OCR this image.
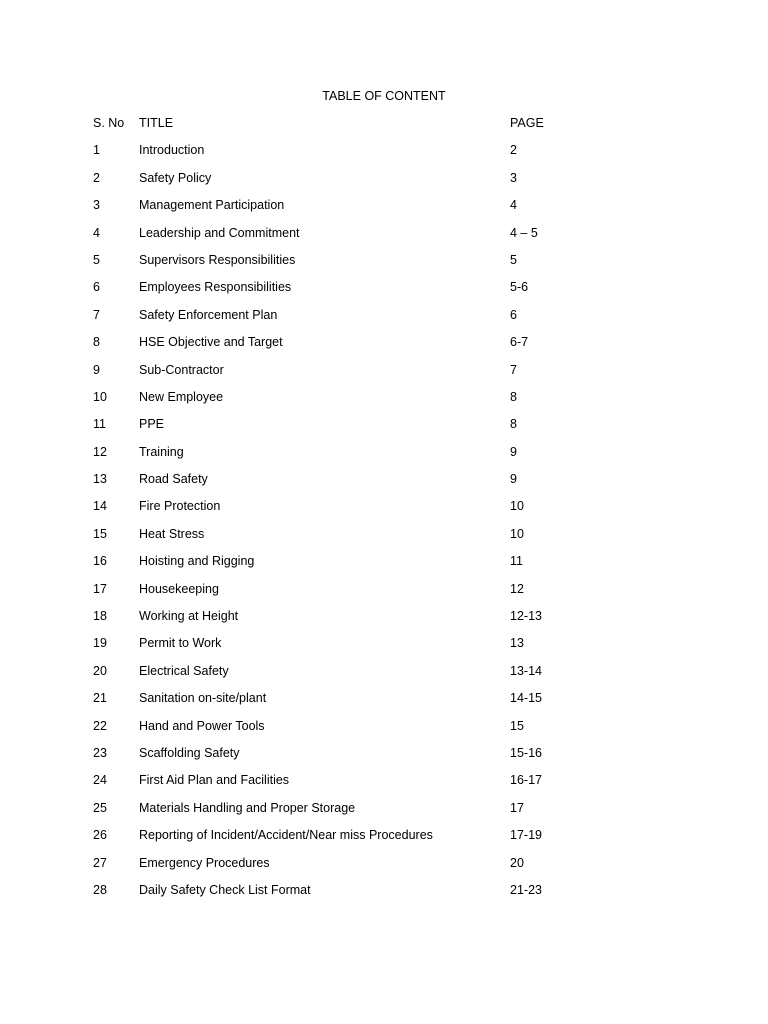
TABLE OF CONTENT
S. No TITLE	PAGE
1	Introduction	2
2	Safety Policy	3
3	Management Participation	4
4	Leadership and Commitment	4 – 5
5	Supervisors Responsibilities	5
6	Employees Responsibilities	5-6
7	Safety Enforcement Plan	6
8	HSE Objective and Target	6-7
9	Sub-Contractor	7
10	New Employee	8
11	PPE	8
12	Training	9
13	Road Safety	9
14	Fire Protection	10
15	Heat Stress	10
16	Hoisting and Rigging	11
17	Housekeeping	12
18	Working at Height	12-13
19	Permit to Work	13
20	Electrical Safety	13-14
21	Sanitation on-site/plant	14-15
22	Hand and Power Tools	15
23	Scaffolding Safety	15-16
24	First Aid Plan and Facilities	16-17
25	Materials Handling and Proper Storage	17
26	Reporting of Incident/Accident/Near miss Procedures	17-19
27	Emergency Procedures	20
28	Daily Safety Check List Format	21-23
